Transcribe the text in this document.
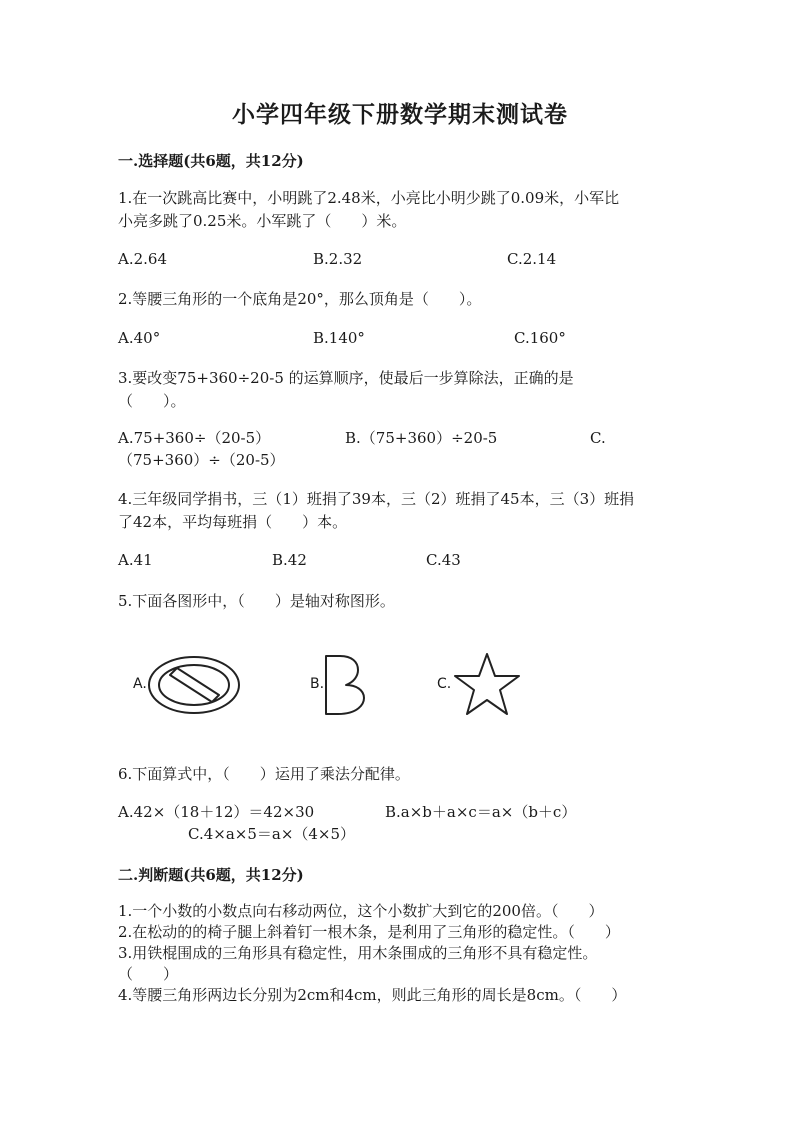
小学四年级下册数学期末测试卷
一.选择题(共6题，共12分)
1.在一次跳高比赛中，小明跳了2.48米，小亮比小明少跳了0.09米，小军比
小亮多跳了0.25米。小军跳了（　　）米。
A.2.64	B.2.32	C.2.14
2.等腰三角形的一个底角是20°，那么顶角是（　　）。
A.40°	B.140°	C.160°
3.要改变75+360÷20-5 的运算顺序，使最后一步算除法，正确的是
（　　）。
A.75+360÷（20-5）	B.（75+360）÷20-5	C.
（75+360）÷（20-5）
4.三年级同学捐书，三（1）班捐了39本，三（2）班捐了45本，三（3）班捐
了42本，平均每班捐（　　）本。
A.41	B.42	C.43
5.下面各图形中，（　　）是轴对称图形。
A.	B.	C.
6.下面算式中，（　　）运用了乘法分配律。
A.42×（18＋12）＝42×30	B.a×b＋a×c＝a×（b＋c）
C.4×a×5＝a×（4×5）
二.判断题(共6题，共12分)
1.一个小数的小数点向右移动两位，这个小数扩大到它的200倍。（　　）
2.在松动的的椅子腿上斜着钉一根木条，是利用了三角形的稳定性。（　　）
3.用铁棍围成的三角形具有稳定性，用木条围成的三角形不具有稳定性。
（　　）
4.等腰三角形两边长分别为2cm和4cm，则此三角形的周长是8cm。（　　）
